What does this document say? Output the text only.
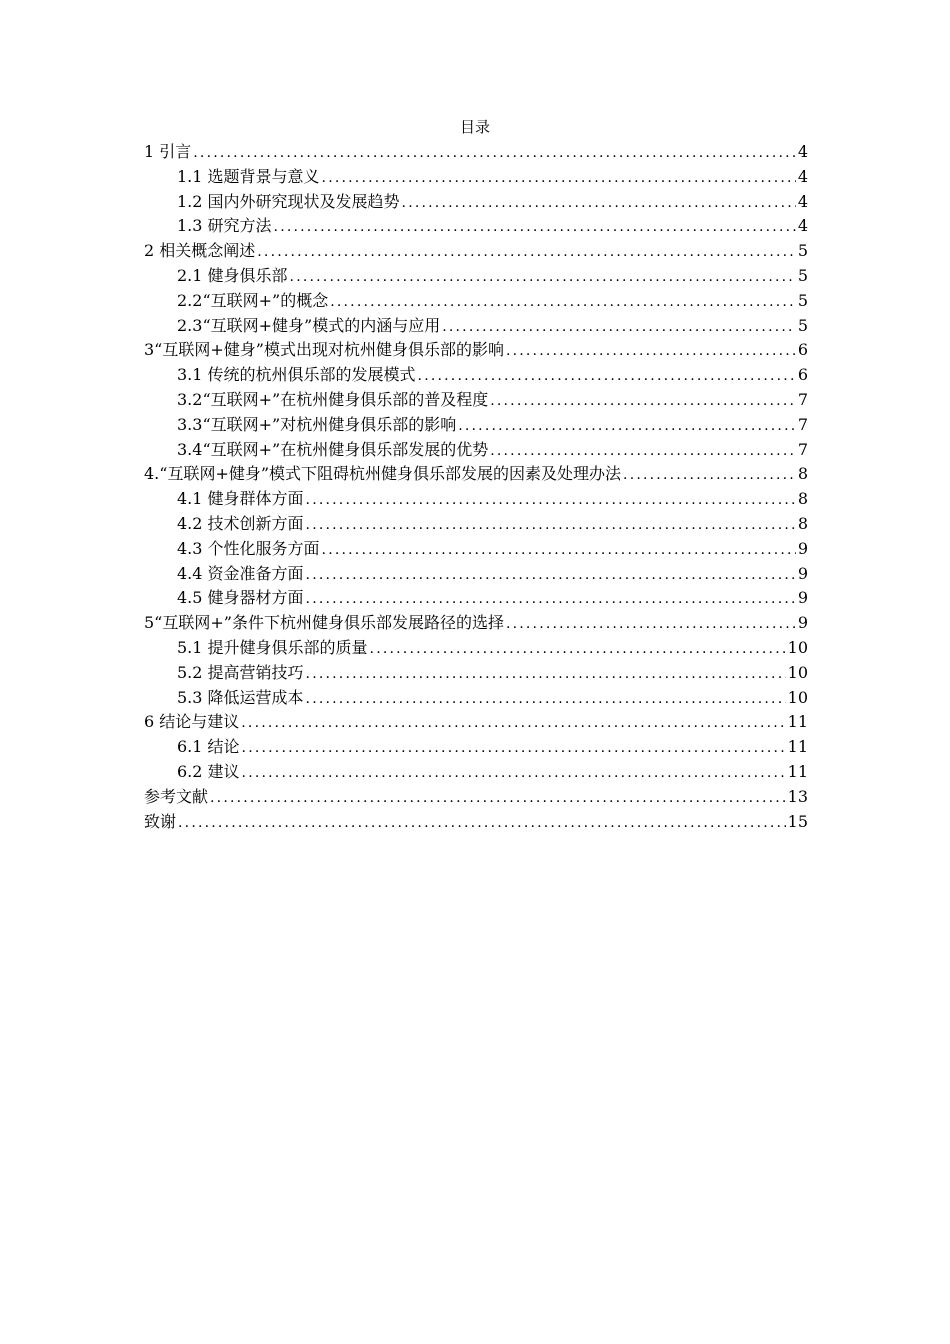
目录
1 引言 .....	4
1.1 选题背景与意义 .....	4
1.2 国内外研究现状及发展趋势 .....	4
1.3 研究方法 .....	4
2 相关概念阐述 .....	5
2.1 健身俱乐部 .....	5
2.2“互联网+”的概念 .....	5
2.3“互联网+健身”模式的内涵与应用 .....	5
3“互联网+健身”模式出现对杭州健身俱乐部的影响 .....	6
3.1 传统的杭州俱乐部的发展模式 .....	6
3.2“互联网+”在杭州健身俱乐部的普及程度 .....	7
3.3“互联网+”对杭州健身俱乐部的影响 .....	7
3.4“互联网+”在杭州健身俱乐部发展的优势 .....	7
4.“互联网+健身”模式下阻碍杭州健身俱乐部发展的因素及处理办法 .....	8
4.1 健身群体方面 .....	8
4.2 技术创新方面 .....	8
4.3 个性化服务方面 .....	9
4.4 资金准备方面 .....	9
4.5 健身器材方面 .....	9
5“互联网+”条件下杭州健身俱乐部发展路径的选择 .....	9
5.1 提升健身俱乐部的质量 .....	10
5.2 提高营销技巧 .....	10
5.3 降低运营成本 .....	10
6 结论与建议 .....	11
6.1 结论 .....	11
6.2 建议 .....	11
参考文献 .....	13
致谢 .....	15
